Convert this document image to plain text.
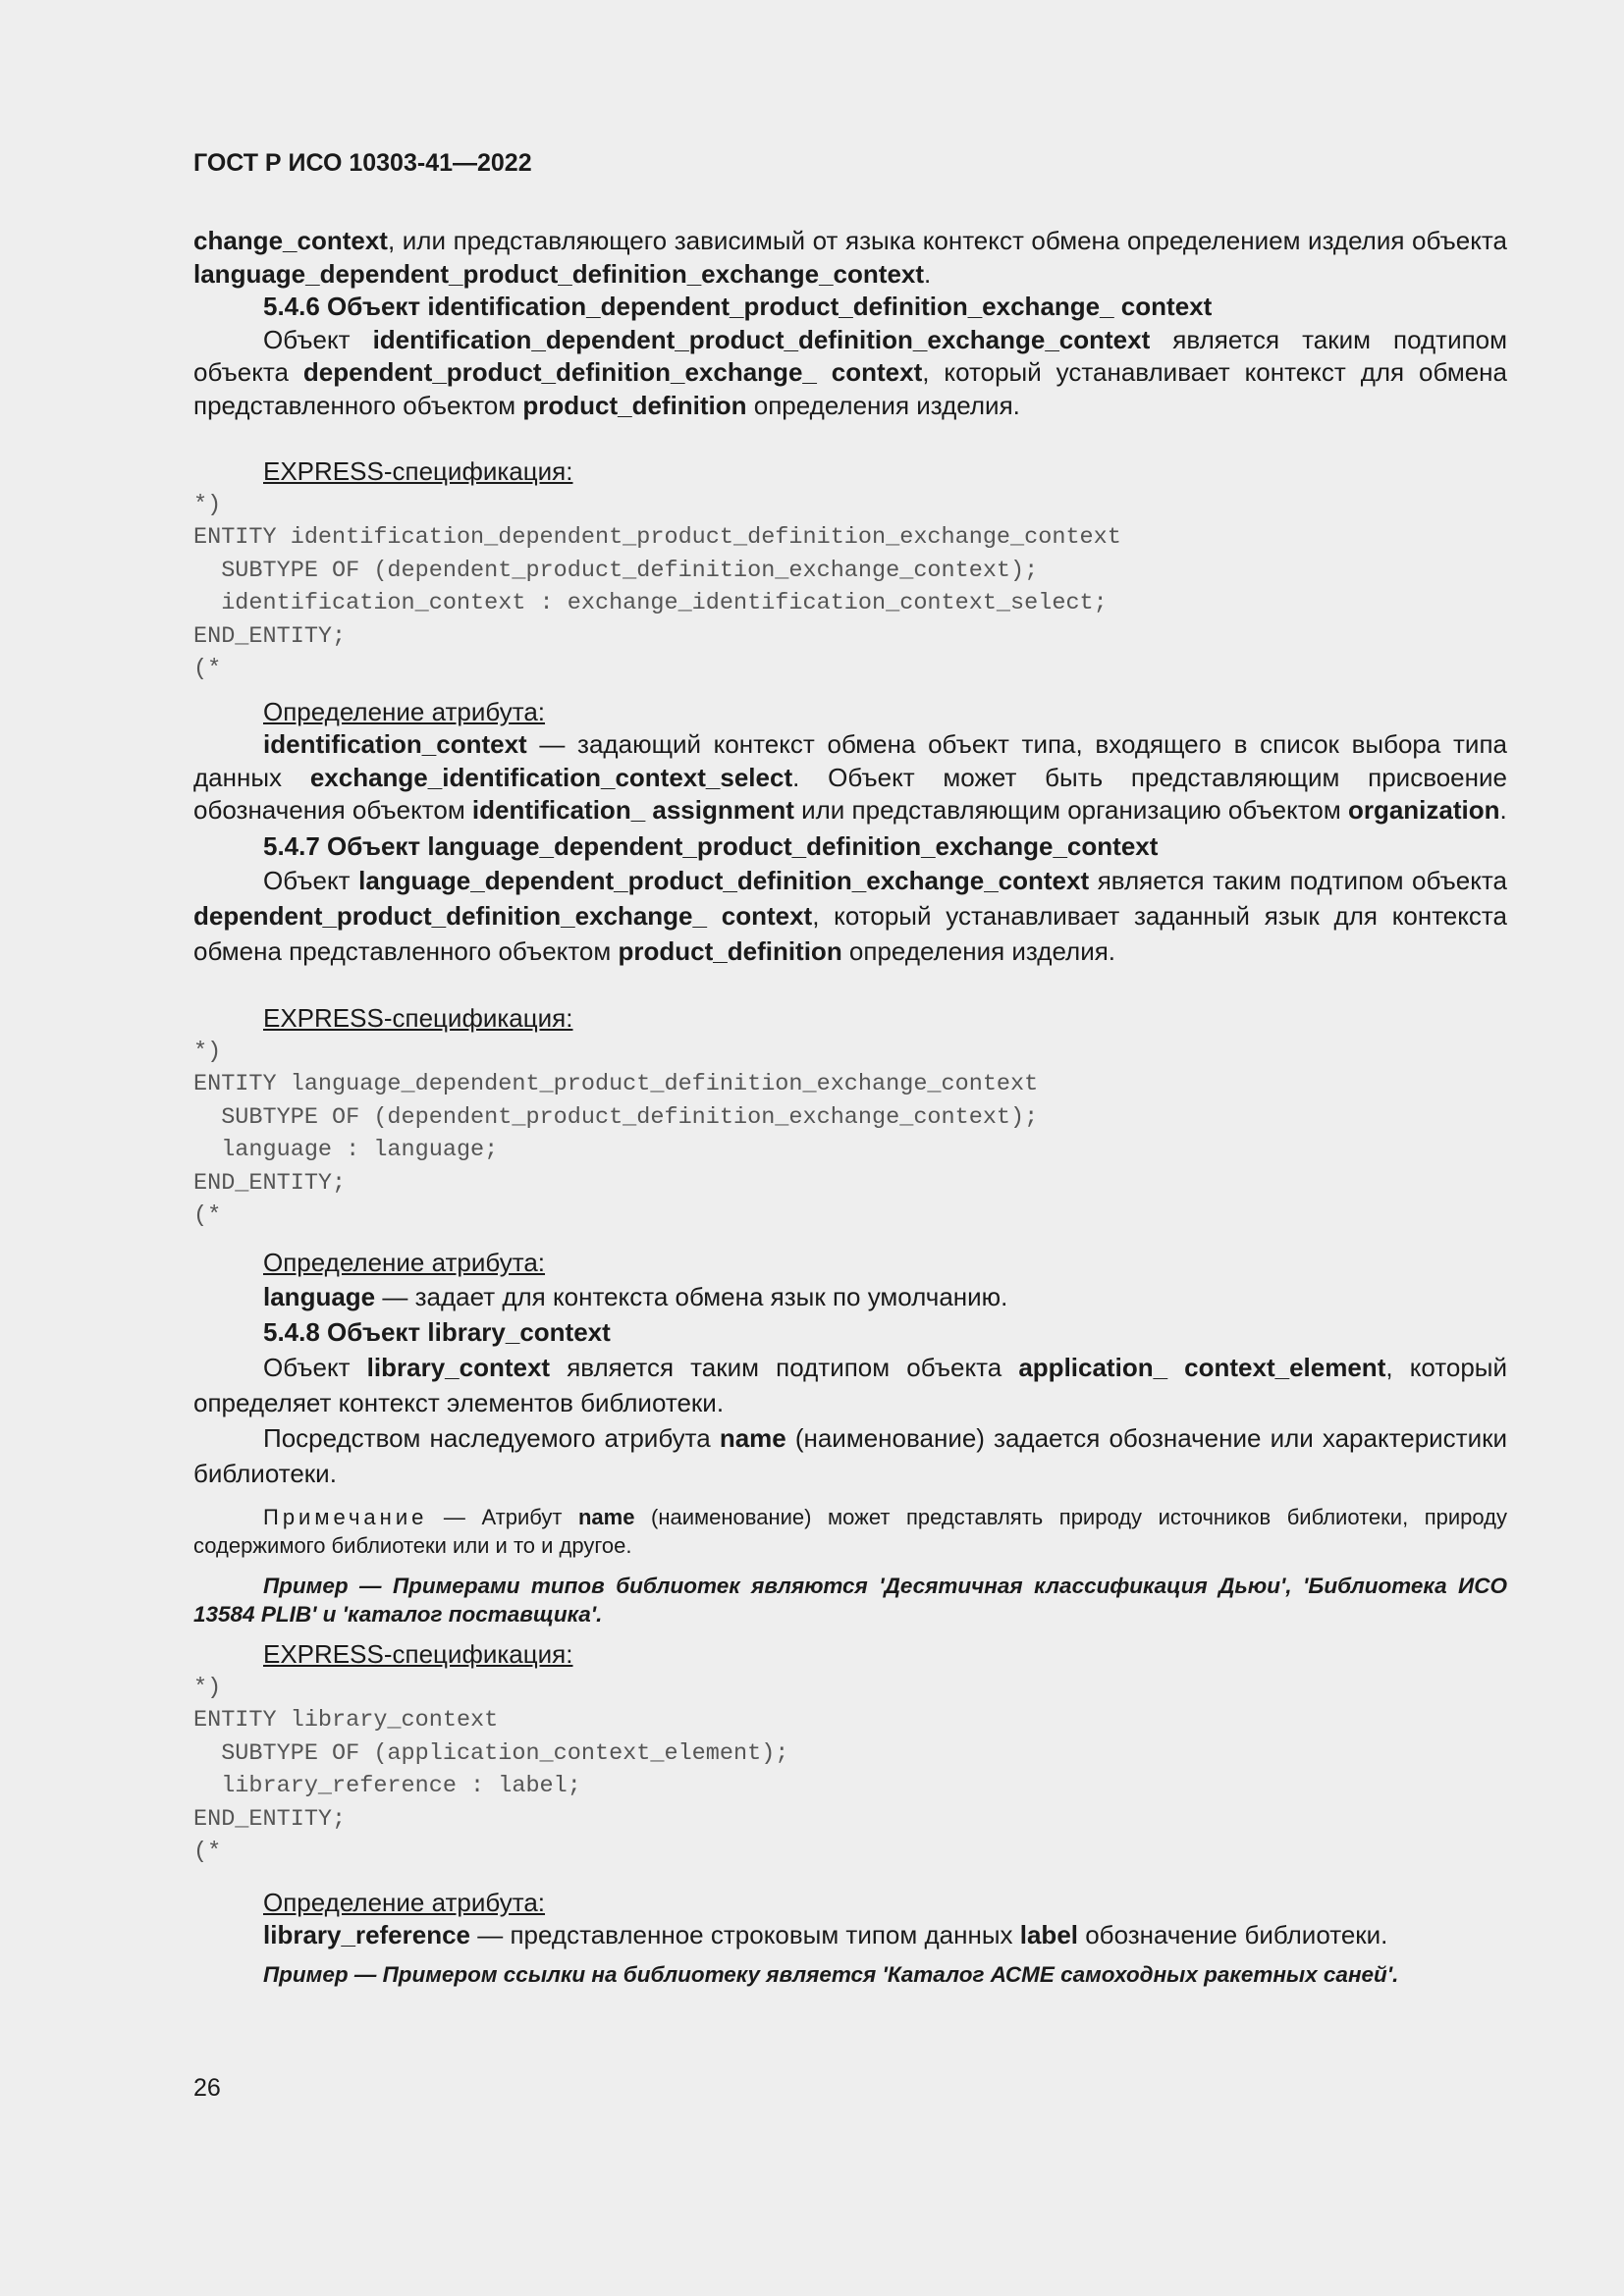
ГОСТ Р ИСО 10303-41—2022

change_context, или представляющего зависимый от языка контекст обмена определением изделия объекта language_dependent_product_definition_exchange_context.

5.4.6 Объект identification_dependent_product_definition_exchange_ context

Объект identification_dependent_product_definition_exchange_context является таким подтипом объекта dependent_product_definition_exchange_ context, который устанавливает контекст для обмена представленного объектом product_definition определения изделия.

EXPRESS-спецификация:
*)
ENTITY identification_dependent_product_definition_exchange_context
SUBTYPE OF (dependent_product_definition_exchange_context);
identification_context : exchange_identification_context_select;
END_ENTITY;
(*
Определение атрибута:

identification_context — задающий контекст обмена объект типа, входящего в список выбора типа данных exchange_identification_context_select. Объект может быть представляющим присвоение обозначения объектом identification_ assignment или представляющим организацию объектом organization.

5.4.7 Объект language_dependent_product_definition_exchange_context

Объект language_dependent_product_definition_exchange_context является таким подтипом объекта dependent_product_definition_exchange_ context, который устанавливает заданный язык для контекста обмена представленного объектом product_definition определения изделия.

EXPRESS-спецификация:
*)
ENTITY language_dependent_product_definition_exchange_context
SUBTYPE OF (dependent_product_definition_exchange_context);
language : language;
END_ENTITY;
(*
Определение атрибута:

language — задает для контекста обмена язык по умолчанию.

5.4.8 Объект library_context

Объект library_context является таким подтипом объекта application_ context_element, который определяет контекст элементов библиотеки.

Посредством наследуемого атрибута name (наименование) задается обозначение или характеристики библиотеки.

Примечание — Атрибут name (наименование) может представлять природу источников библиотеки, природу содержимого библиотеки или и то и другое.

Пример — Примерами типов библиотек являются 'Десятичная классификация Дьюи', 'Библиотека ИСО 13584 PLIB' и 'каталог поставщика'.

EXPRESS-спецификация:
*)
ENTITY library_context
SUBTYPE OF (application_context_element);
library_reference : label;
END_ENTITY;
(*
Определение атрибута:

library_reference — представленное строковым типом данных label обозначение библиотеки.

Пример — Примером ссылки на библиотеку является 'Каталог АСМЕ самоходных ракетных саней'.

26
